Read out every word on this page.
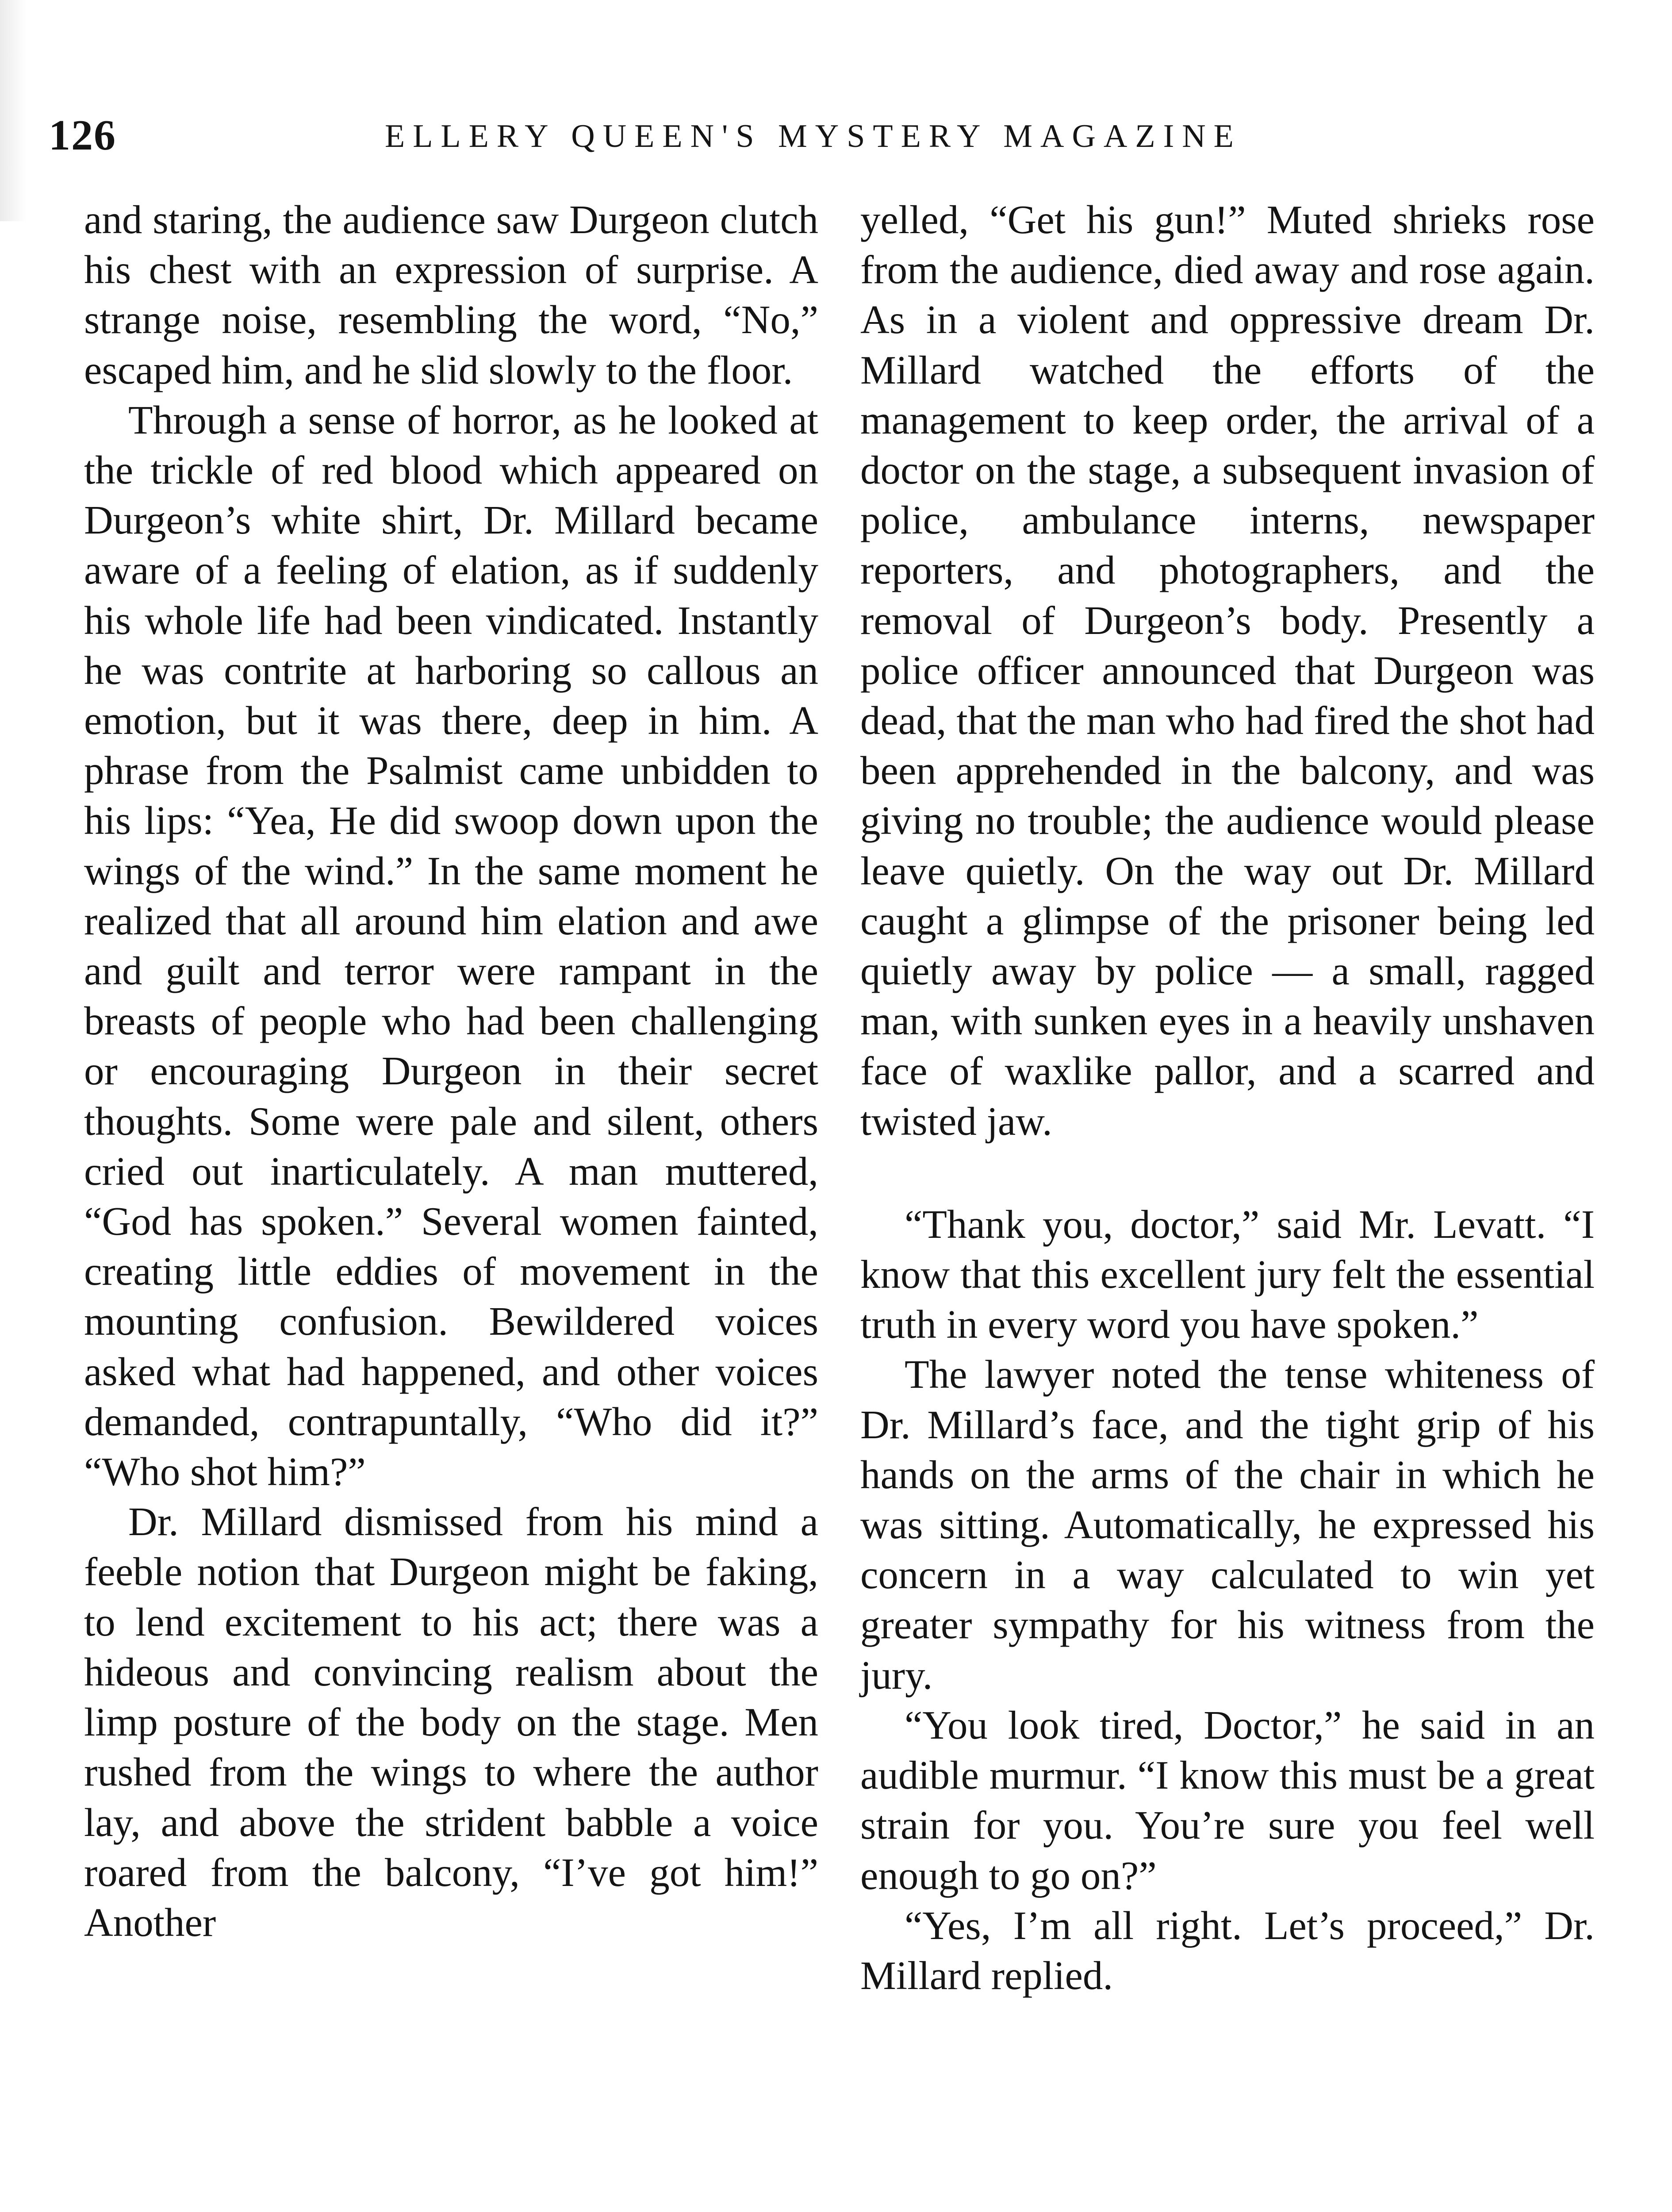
126	ELLERY QUEEN'S MYSTERY MAGAZINE

and staring, the audience saw Durgeon clutch his chest with an expression of surprise. A strange noise, resembling the word, “No,” escaped him, and he slid slowly to the floor.

Through a sense of horror, as he looked at the trickle of red blood which appeared on Durgeon’s white shirt, Dr. Millard became aware of a feeling of elation, as if suddenly his whole life had been vindicated. Instantly he was contrite at harboring so callous an emotion, but it was there, deep in him. A phrase from the Psalmist came unbidden to his lips: “Yea, He did swoop down upon the wings of the wind.” In the same moment he realized that all around him elation and awe and guilt and terror were rampant in the breasts of people who had been challenging or encouraging Durgeon in their secret thoughts. Some were pale and silent, others cried out inarticulately. A man muttered, “God has spoken.” Several women fainted, creating little eddies of movement in the mounting confusion. Bewildered voices asked what had happened, and other voices demanded, contrapuntally, “Who did it?” “Who shot him?”

Dr. Millard dismissed from his mind a feeble notion that Durgeon might be faking, to lend excitement to his act; there was a hideous and convincing realism about the limp posture of the body on the stage. Men rushed from the wings to where the author lay, and above the strident babble a voice roared from the balcony, “I’ve got him!” Another

yelled, “Get his gun!” Muted shrieks rose from the audience, died away and rose again. As in a violent and oppressive dream Dr. Millard watched the efforts of the management to keep order, the arrival of a doctor on the stage, a subsequent invasion of police, ambulance interns, newspaper reporters, and photographers, and the removal of Durgeon’s body. Presently a police officer announced that Durgeon was dead, that the man who had fired the shot had been apprehended in the balcony, and was giving no trouble; the audience would please leave quietly. On the way out Dr. Millard caught a glimpse of the prisoner being led quietly away by police — a small, ragged man, with sunken eyes in a heavily unshaven face of waxlike pallor, and a scarred and twisted jaw.

“Thank you, doctor,” said Mr. Levatt. “I know that this excellent jury felt the essential truth in every word you have spoken.”

The lawyer noted the tense whiteness of Dr. Millard’s face, and the tight grip of his hands on the arms of the chair in which he was sitting. Automatically, he expressed his concern in a way calculated to win yet greater sympathy for his witness from the jury.

“You look tired, Doctor,” he said in an audible murmur. “I know this must be a great strain for you. You’re sure you feel well enough to go on?”

“Yes, I’m all right. Let’s proceed,” Dr. Millard replied.
